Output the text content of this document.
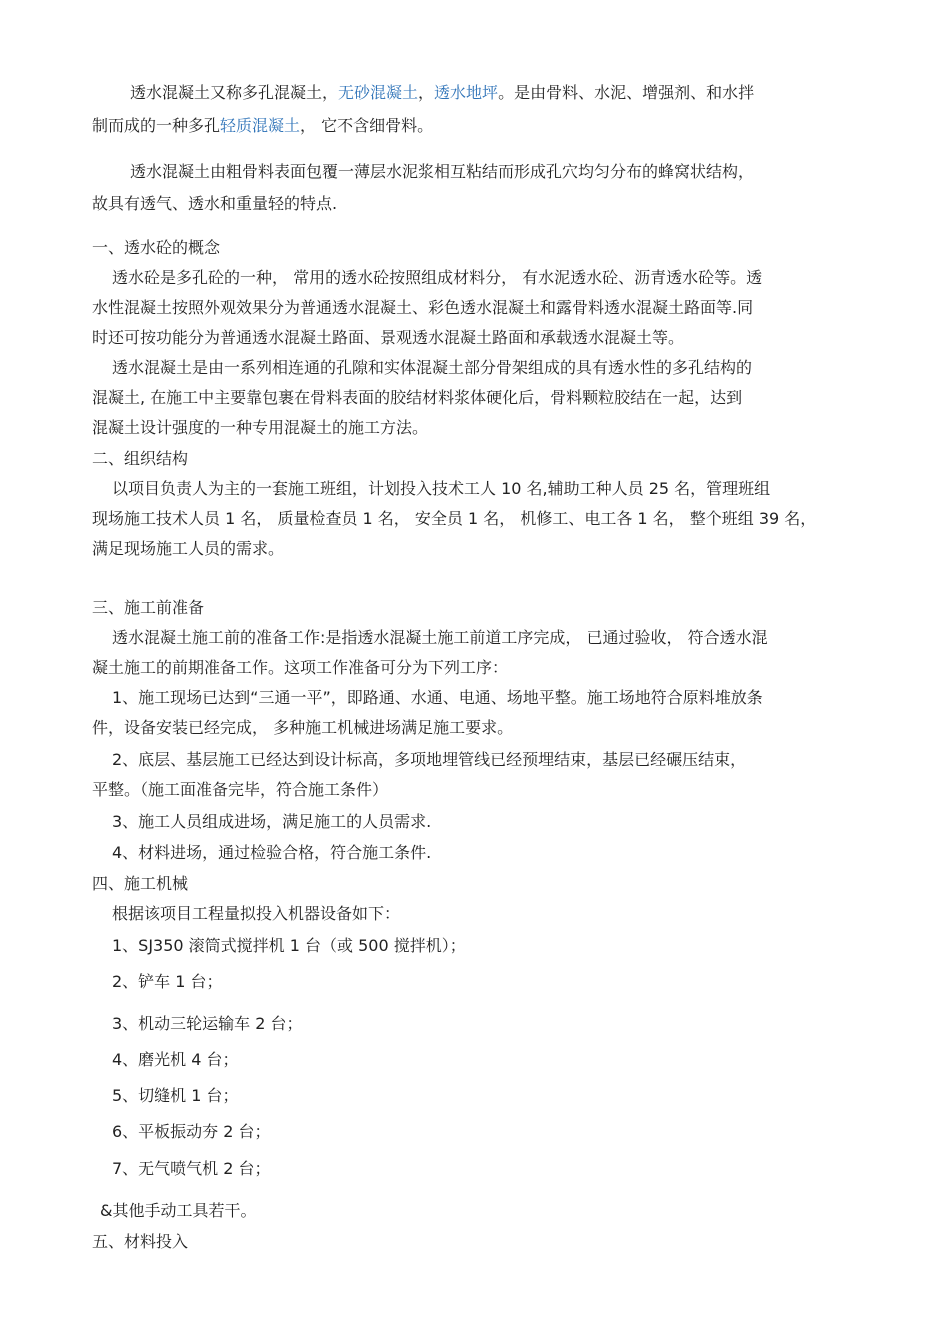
透水混凝土又称多孔混凝土，无砂混凝土，透水地坪。是由骨料、水泥、增强剂、和水拌
制而成的一种多孔轻质混凝土， 它不含细骨料。
透水混凝土由粗骨料表面包覆一薄层水泥浆相互粘结而形成孔穴均匀分布的蜂窝状结构，
故具有透气、透水和重量轻的特点.
一、透水砼的概念
透水砼是多孔砼的一种， 常用的透水砼按照组成材料分， 有水泥透水砼、沥青透水砼等。透
水性混凝土按照外观效果分为普通透水混凝土、彩色透水混凝土和露骨料透水混凝土路面等.同
时还可按功能分为普通透水混凝土路面、景观透水混凝土路面和承载透水混凝土等。
透水混凝土是由一系列相连通的孔隙和实体混凝土部分骨架组成的具有透水性的多孔结构的
混凝土, 在施工中主要靠包裹在骨料表面的胶结材料浆体硬化后，骨料颗粒胶结在一起，达到
混凝土设计强度的一种专用混凝土的施工方法。
二、组织结构
以项目负责人为主的一套施工班组，计划投入技术工人 10 名,辅助工种人员 25 名，管理班组
现场施工技术人员 1 名， 质量检查员 1 名， 安全员 1 名， 机修工、电工各 1 名， 整个班组 39 名，
满足现场施工人员的需求。
三、施工前准备
透水混凝土施工前的准备工作:是指透水混凝土施工前道工序完成， 已通过验收， 符合透水混
凝土施工的前期准备工作。这项工作准备可分为下列工序：
1、施工现场已达到“三通一平”，即路通、水通、电通、场地平整。施工场地符合原料堆放条
件，设备安装已经完成， 多种施工机械进场满足施工要求。
2、底层、基层施工已经达到设计标高，多项地埋管线已经预埋结束，基层已经碾压结束，
平整。（施工面准备完毕，符合施工条件）
3、施工人员组成进场，满足施工的人员需求.
4、材料进场，通过检验合格，符合施工条件.
四、施工机械
根据该项目工程量拟投入机器设备如下：
1、SJ350 滚筒式搅拌机 1 台（或 500 搅拌机）；
2、铲车 1 台；
3、机动三轮运输车 2 台；
4、磨光机 4 台；
5、切缝机 1 台；
6、平板振动夯 2 台；
7、无气喷气机 2 台；
&其他手动工具若干。
五、材料投入
